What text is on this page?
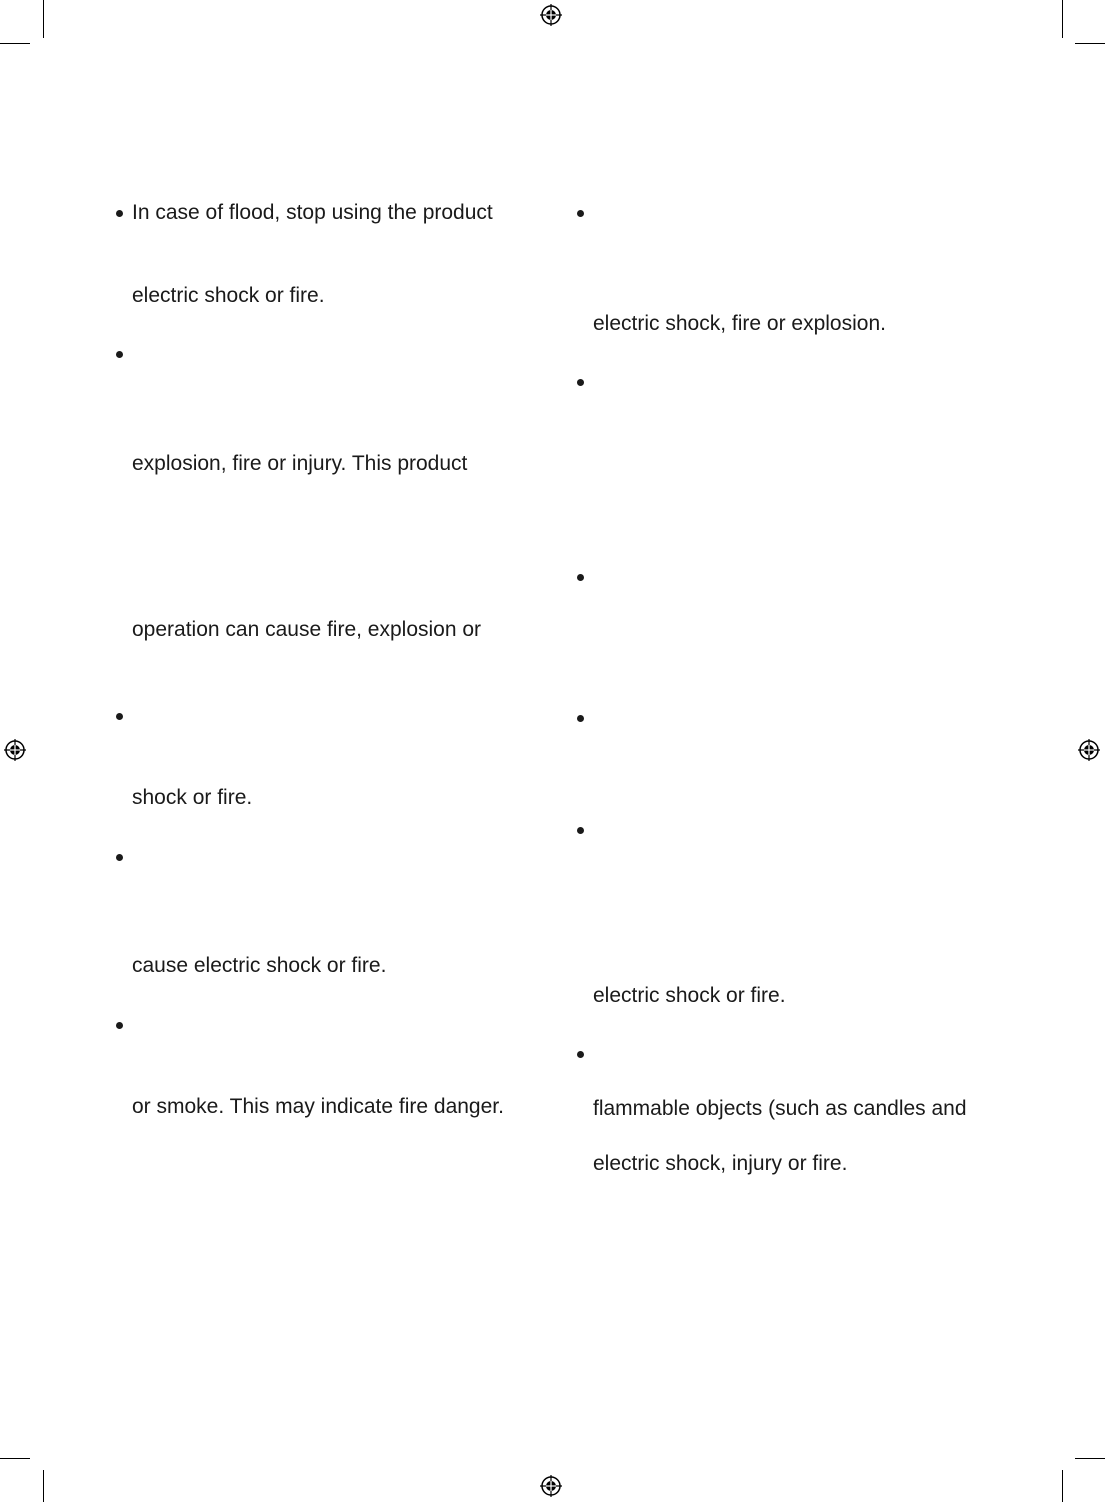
In case of flood, stop using the product
electric shock or fire.
explosion, fire or injury. This product
operation can cause fire, explosion or
shock or fire.
cause electric shock or fire.
or smoke. This may indicate fire danger.
electric shock, fire or explosion.
electric shock or fire.
flammable objects (such as candles and
electric shock, injury or fire.
